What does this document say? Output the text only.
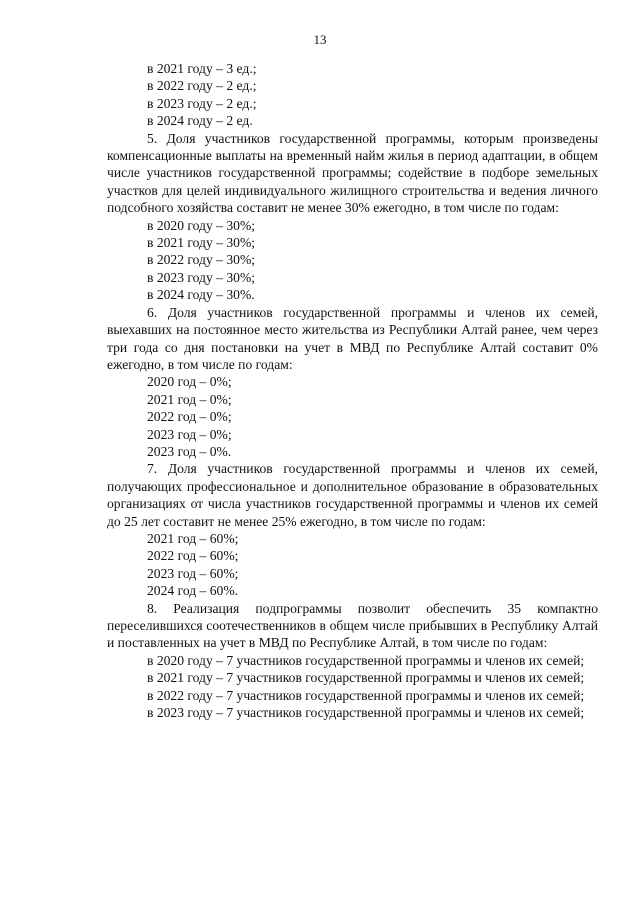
13
в 2021 году – 3 ед.;
в 2022 году – 2 ед.;
в 2023 году – 2 ед.;
в 2024 году – 2 ед.

5. Доля участников государственной программы, которым произведены компенсационные выплаты на временный найм жилья в период адаптации, в общем числе участников государственной программы; содействие в подборе земельных участков для целей индивидуального жилищного строительства и ведения личного подсобного хозяйства составит не менее 30% ежегодно, в том числе по годам:

в 2020 году – 30%;
в 2021 году – 30%;
в 2022 году – 30%;
в 2023 году – 30%;
в 2024 году – 30%.

6. Доля участников государственной программы и членов их семей, выехавших на постоянное место жительства из Республики Алтай ранее, чем через три года со дня постановки на учет в МВД по Республике Алтай составит 0% ежегодно, в том числе по годам:

2020 год – 0%;
2021 год – 0%;
2022 год – 0%;
2023 год – 0%;
2023 год – 0%.

7. Доля участников государственной программы и членов их семей, получающих профессиональное и дополнительное образование в образовательных организациях от числа участников государственной программы и членов их семей до 25 лет составит не менее 25% ежегодно, в том числе по годам:

2021 год – 60%;
2022 год – 60%;
2023 год – 60%;
2024 год – 60%.

8. Реализация подпрограммы позволит обеспечить 35 компактно переселившихся соотечественников в общем числе прибывших в Республику Алтай и поставленных на учет в МВД по Республике Алтай, в том числе по годам:

в 2020 году – 7 участников государственной программы и членов их семей;

в 2021 году – 7 участников государственной программы и членов их семей;

в 2022 году – 7 участников государственной программы и членов их семей;

в 2023 году – 7 участников государственной программы и членов их семей;
